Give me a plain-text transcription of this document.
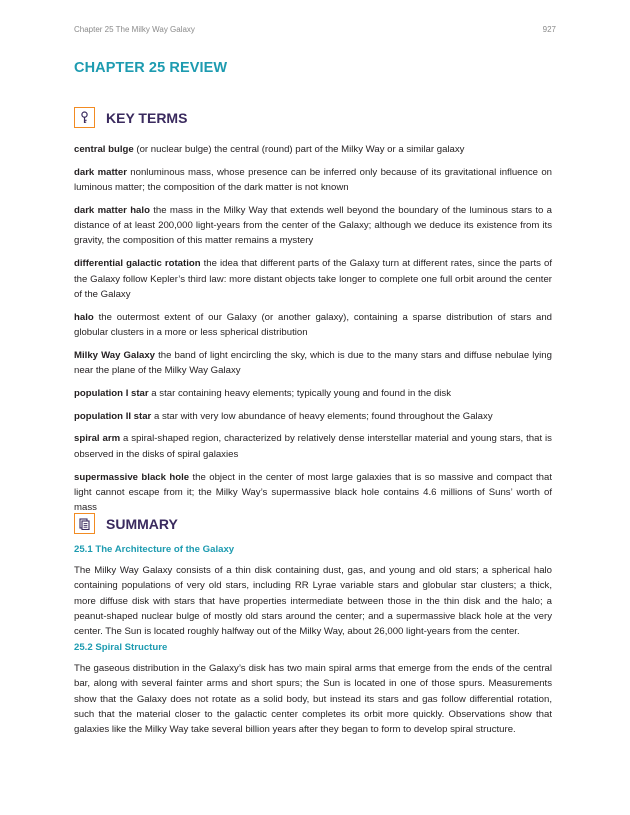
Chapter 25 The Milky Way Galaxy	927
CHAPTER 25 REVIEW
KEY TERMS

central bulge (or nuclear bulge) the central (round) part of the Milky Way or a similar galaxy

dark matter nonluminous mass, whose presence can be inferred only because of its gravitational influence on luminous matter; the composition of the dark matter is not known

dark matter halo the mass in the Milky Way that extends well beyond the boundary of the luminous stars to a distance of at least 200,000 light-years from the center of the Galaxy; although we deduce its existence from its gravity, the composition of this matter remains a mystery

differential galactic rotation the idea that different parts of the Galaxy turn at different rates, since the parts of the Galaxy follow Kepler’s third law: more distant objects take longer to complete one full orbit around the center of the Galaxy

halo the outermost extent of our Galaxy (or another galaxy), containing a sparse distribution of stars and globular clusters in a more or less spherical distribution

Milky Way Galaxy the band of light encircling the sky, which is due to the many stars and diffuse nebulae lying near the plane of the Milky Way Galaxy

population I star a star containing heavy elements; typically young and found in the disk

population II star a star with very low abundance of heavy elements; found throughout the Galaxy

spiral arm a spiral-shaped region, characterized by relatively dense interstellar material and young stars, that is observed in the disks of spiral galaxies

supermassive black hole the object in the center of most large galaxies that is so massive and compact that light cannot escape from it; the Milky Way’s supermassive black hole contains 4.6 millions of Suns’ worth of mass

SUMMARY

25.1 The Architecture of the Galaxy

The Milky Way Galaxy consists of a thin disk containing dust, gas, and young and old stars; a spherical halo containing populations of very old stars, including RR Lyrae variable stars and globular star clusters; a thick, more diffuse disk with stars that have properties intermediate between those in the thin disk and the halo; a peanut-shaped nuclear bulge of mostly old stars around the center; and a supermassive black hole at the very center. The Sun is located roughly halfway out of the Milky Way, about 26,000 light-years from the center.

25.2 Spiral Structure

The gaseous distribution in the Galaxy’s disk has two main spiral arms that emerge from the ends of the central bar, along with several fainter arms and short spurs; the Sun is located in one of those spurs. Measurements show that the Galaxy does not rotate as a solid body, but instead its stars and gas follow differential rotation, such that the material closer to the galactic center completes its orbit more quickly. Observations show that galaxies like the Milky Way take several billion years after they began to form to develop spiral structure.
